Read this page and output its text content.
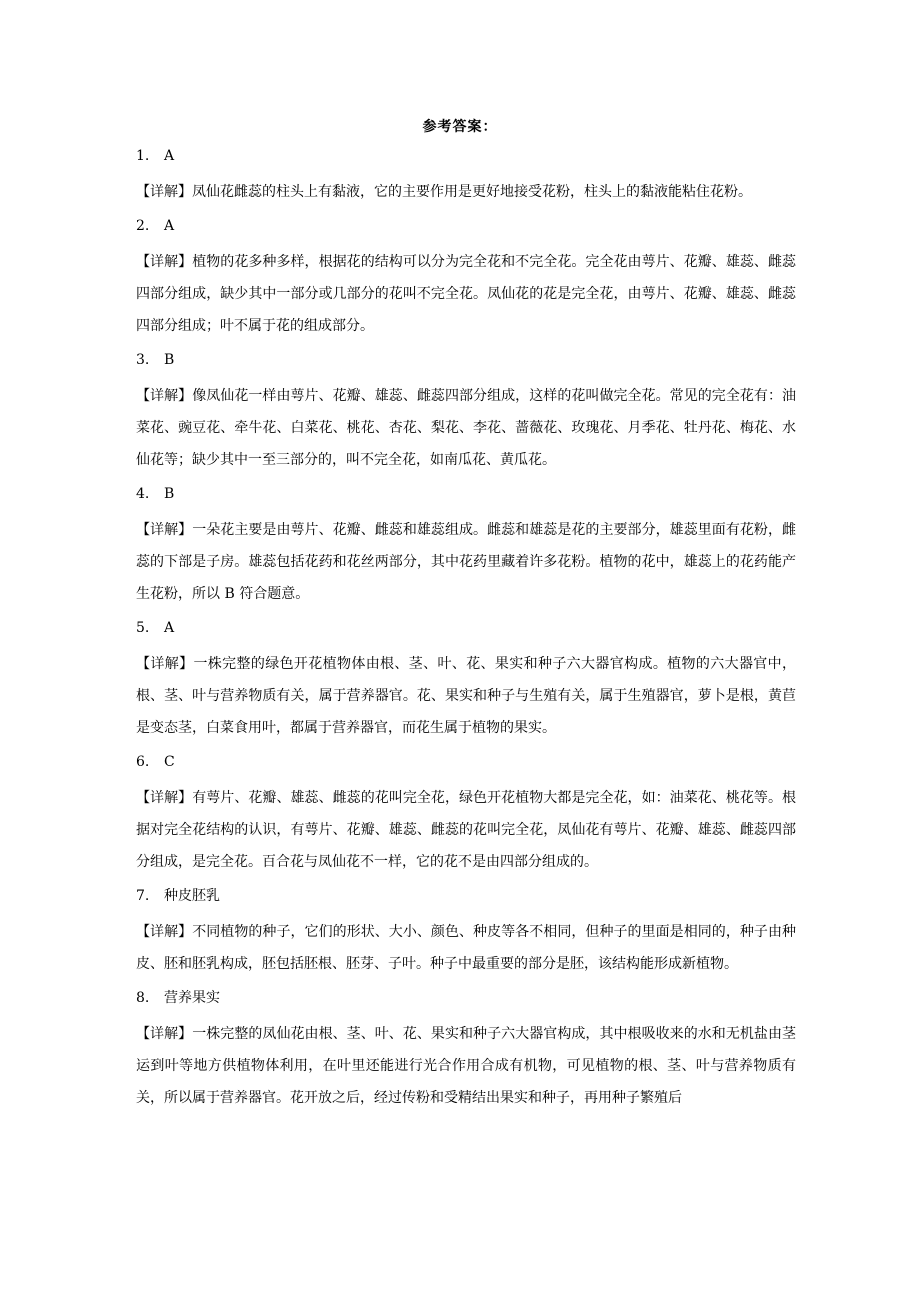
参考答案：
1. A
【详解】凤仙花雌蕊的柱头上有黏液，它的主要作用是更好地接受花粉，柱头上的黏液能粘住花粉。
2. A
【详解】植物的花多种多样，根据花的结构可以分为完全花和不完全花。完全花由萼片、花瓣、雄蕊、雌蕊四部分组成，缺少其中一部分或几部分的花叫不完全花。凤仙花的花是完全花，由萼片、花瓣、雄蕊、雌蕊四部分组成；叶不属于花的组成部分。
3. B
【详解】像凤仙花一样由萼片、花瓣、雄蕊、雌蕊四部分组成，这样的花叫做完全花。常见的完全花有：油菜花、豌豆花、牵牛花、白菜花、桃花、杏花、梨花、李花、蔷薇花、玫瑰花、月季花、牡丹花、梅花、水仙花等；缺少其中一至三部分的，叫不完全花，如南瓜花、黄瓜花。
4. B
【详解】一朵花主要是由萼片、花瓣、雌蕊和雄蕊组成。雌蕊和雄蕊是花的主要部分，雄蕊里面有花粉，雌蕊的下部是子房。雄蕊包括花药和花丝两部分，其中花药里藏着许多花粉。植物的花中，雄蕊上的花药能产生花粉，所以 B 符合题意。
5. A
【详解】一株完整的绿色开花植物体由根、茎、叶、花、果实和种子六大器官构成。植物的六大器官中，根、茎、叶与营养物质有关，属于营养器官。花、果实和种子与生殖有关，属于生殖器官，萝卜是根，黄苣是变态茎，白菜食用叶，都属于营养器官，而花生属于植物的果实。
6. C
【详解】有萼片、花瓣、雄蕊、雌蕊的花叫完全花，绿色开花植物大都是完全花，如：油菜花、桃花等。根据对完全花结构的认识，有萼片、花瓣、雄蕊、雌蕊的花叫完全花，凤仙花有萼片、花瓣、雄蕊、雌蕊四部分组成，是完全花。百合花与凤仙花不一样，它的花不是由四部分组成的。
7. 种皮胚乳
【详解】不同植物的种子，它们的形状、大小、颜色、种皮等各不相同，但种子的里面是相同的，种子由种皮、胚和胚乳构成，胚包括胚根、胚芽、子叶。种子中最重要的部分是胚，该结构能形成新植物。
8. 营养果实
【详解】一株完整的凤仙花由根、茎、叶、花、果实和种子六大器官构成，其中根吸收来的水和无机盐由茎运到叶等地方供植物体利用，在叶里还能进行光合作用合成有机物，可见植物的根、茎、叶与营养物质有关，所以属于营养器官。花开放之后，经过传粉和受精结出果实和种子，再用种子繁殖后
